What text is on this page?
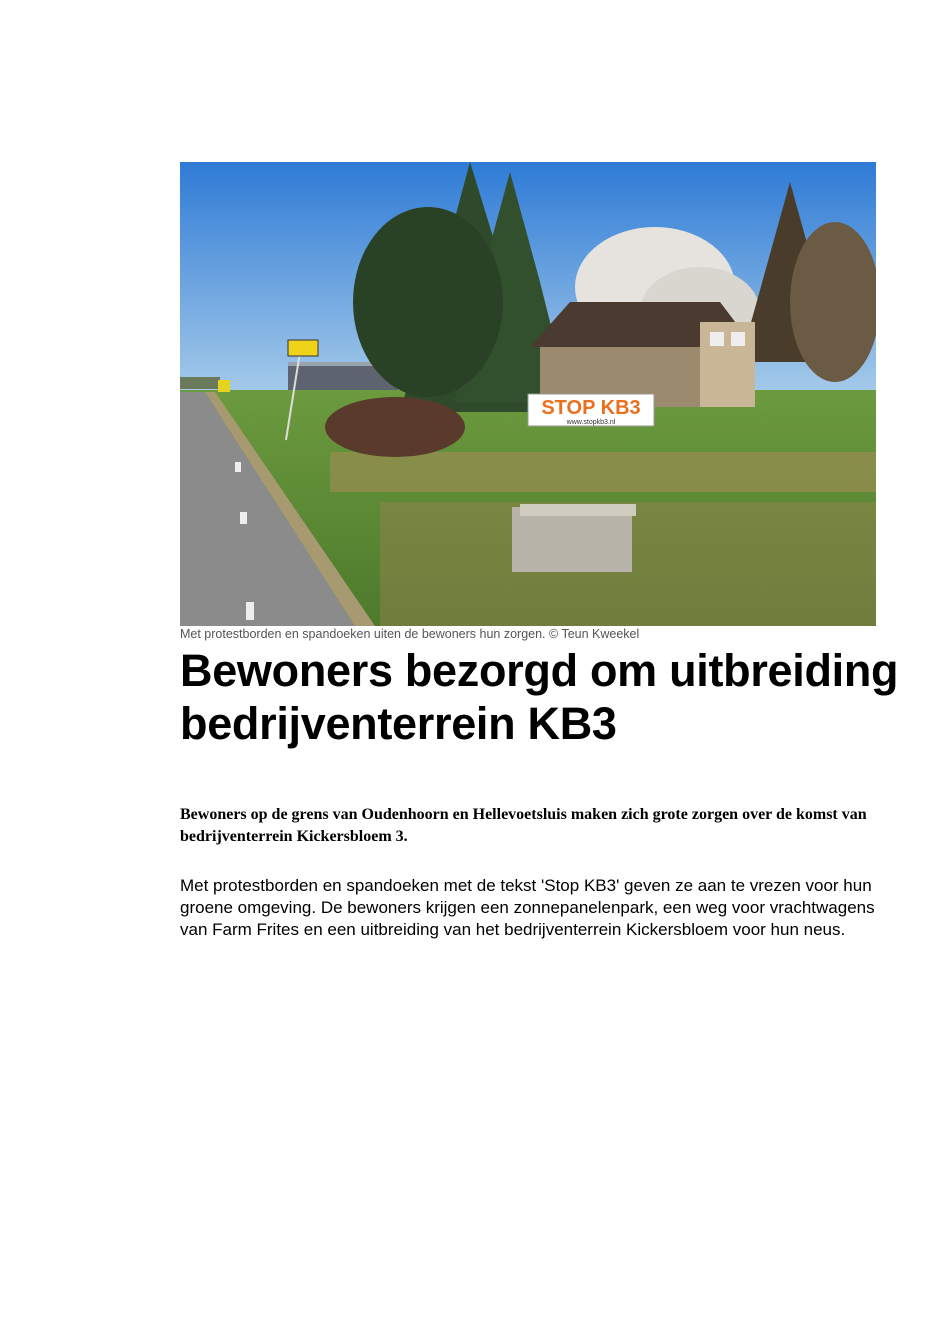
STOP KB3
www.stopkb3.nl
Met protestborden en spandoeken uiten de bewoners hun zorgen. © Teun Kweekel
Bewoners bezorgd om uitbreiding bedrijventerrein KB3

Bewoners op de grens van Oudenhoorn en Hellevoetsluis maken zich grote zorgen over de komst van bedrijventerrein Kickersbloem 3.

Met protestborden en spandoeken met de tekst 'Stop KB3' geven ze aan te vrezen voor hun groene omgeving. De bewoners krijgen een zonnepanelenpark, een weg voor vrachtwagens van Farm Frites en een uitbreiding van het bedrijventerrein Kickersbloem voor hun neus.
